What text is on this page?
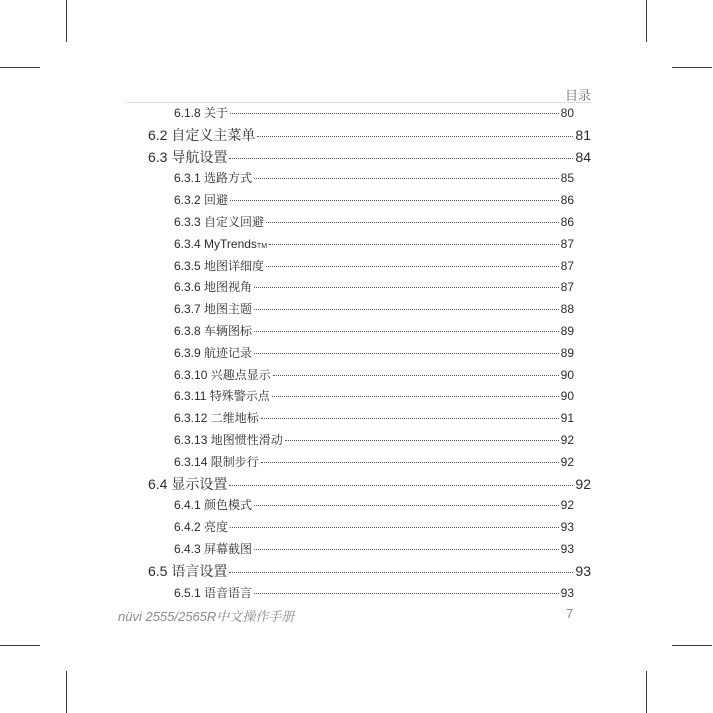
目录
6.1.8 关于	80
6.2 自定义主菜单	81
6.3 导航设置	84
6.3.1 选路方式	85
6.3.2 回避	86
6.3.3 自定义回避	86
6.3.4 MyTrends TM	87
6.3.5 地图详细度	87
6.3.6 地图视角	87
6.3.7 地图主题	88
6.3.8 车辆图标	89
6.3.9 航迹记录	89
6.3.10 兴趣点显示	90
6.3.11 特殊警示点	90
6.3.12 二维地标	91
6.3.13 地图惯性滑动	92
6.3.14 限制步行	92
6.4 显示设置	92
6.4.1 颜色模式	92
6.4.2 亮度	93
6.4.3 屏幕截图	93
6.5 语言设置	93
6.5.1 语音语言	93
nüvi 2555/2565R中文操作手册	7
